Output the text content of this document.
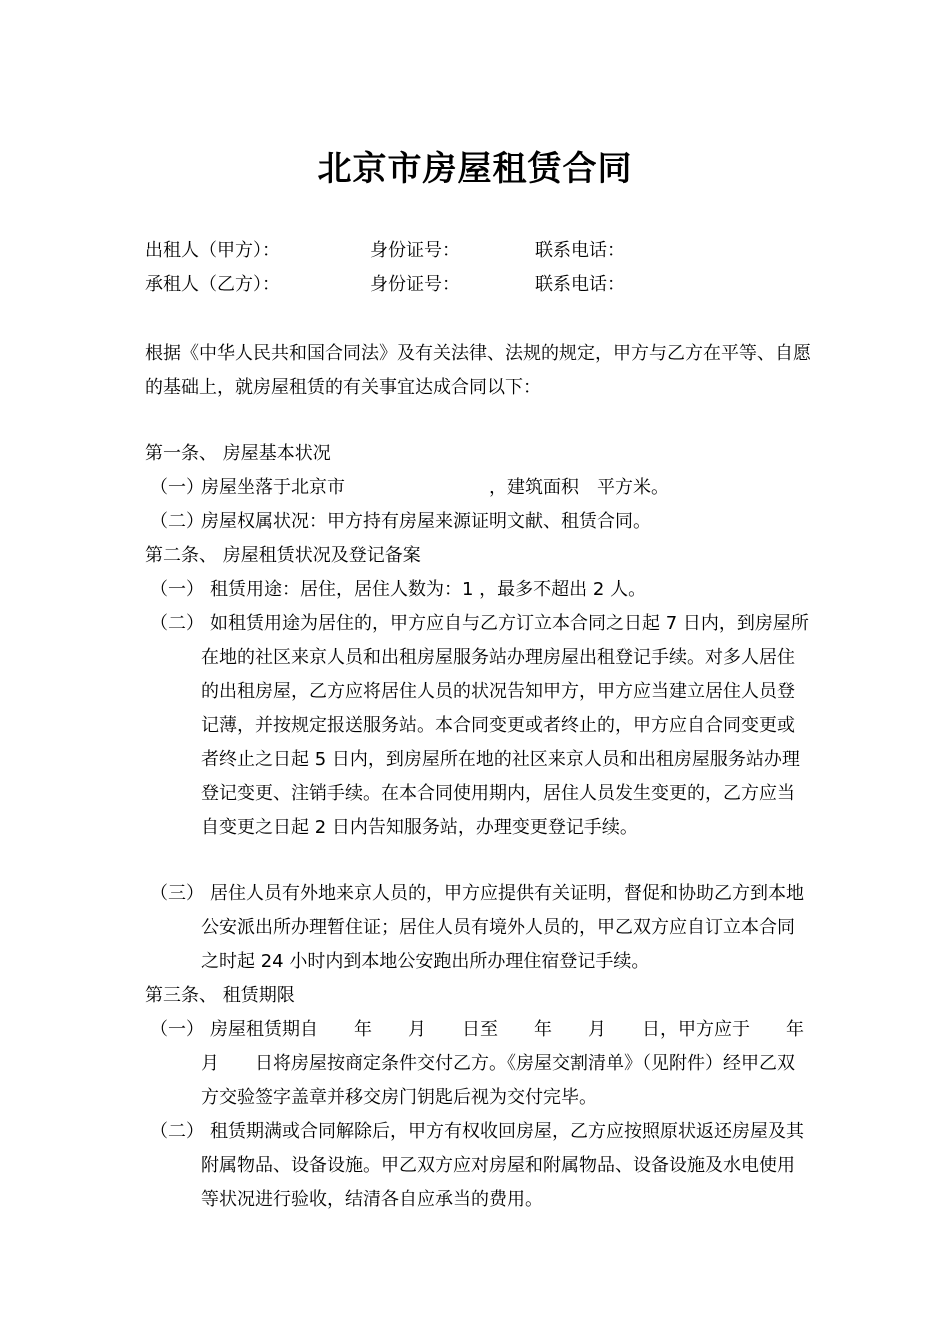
北京市房屋租赁合同
出租人（甲方）：	身份证号：	联系电话：
承租人（乙方）：	身份证号：	联系电话：
根据《中华人民共和国合同法》及有关法律、法规的规定，甲方与乙方在平等、自愿的基础上，就房屋租赁的有关事宜达成合同以下：
第一条、 房屋基本状况
（一）
房屋坐落于北京市　　　　　　　　，建筑面积　平方米。
（二）
房屋权属状况：甲方持有房屋来源证明文献、租赁合同。
第二条、 房屋租赁状况及登记备案
（一） 租赁用途：居住，居住人数为：1 ，最多不超出 2 人。
（二） 如租赁用途为居住的，甲方应自与乙方订立本合同之日起 7 日内，到房屋所在地的社区来京人员和出租房屋服务站办理房屋出租登记手续。对多人居住的出租房屋，乙方应将居住人员的状况告知甲方，甲方应当建立居住人员登记薄，并按规定报送服务站。本合同变更或者终止的，甲方应自合同变更或者终止之日起 5 日内，到房屋所在地的社区来京人员和出租房屋服务站办理登记变更、注销手续。在本合同使用期内，居住人员发生变更的，乙方应当自变更之日起 2 日内告知服务站，办理变更登记手续。
（三） 居住人员有外地来京人员的，甲方应提供有关证明，督促和协助乙方到本地公安派出所办理暂住证；居住人员有境外人员的，甲乙双方应自订立本合同之时起 24 小时内到本地公安跑出所办理住宿登记手续。
第三条、 租赁期限
（一） 房屋租赁期自　　年　　月　　日至　　年　　月　　日，甲方应于　　年　　月　　日将房屋按商定条件交付乙方。《房屋交割清单》（见附件）经甲乙双方交验签字盖章并移交房门钥匙后视为交付完毕。
（二） 租赁期满或合同解除后，甲方有权收回房屋，乙方应按照原状返还房屋及其附属物品、设备设施。甲乙双方应对房屋和附属物品、设备设施及水电使用等状况进行验收，结清各自应承当的费用。
